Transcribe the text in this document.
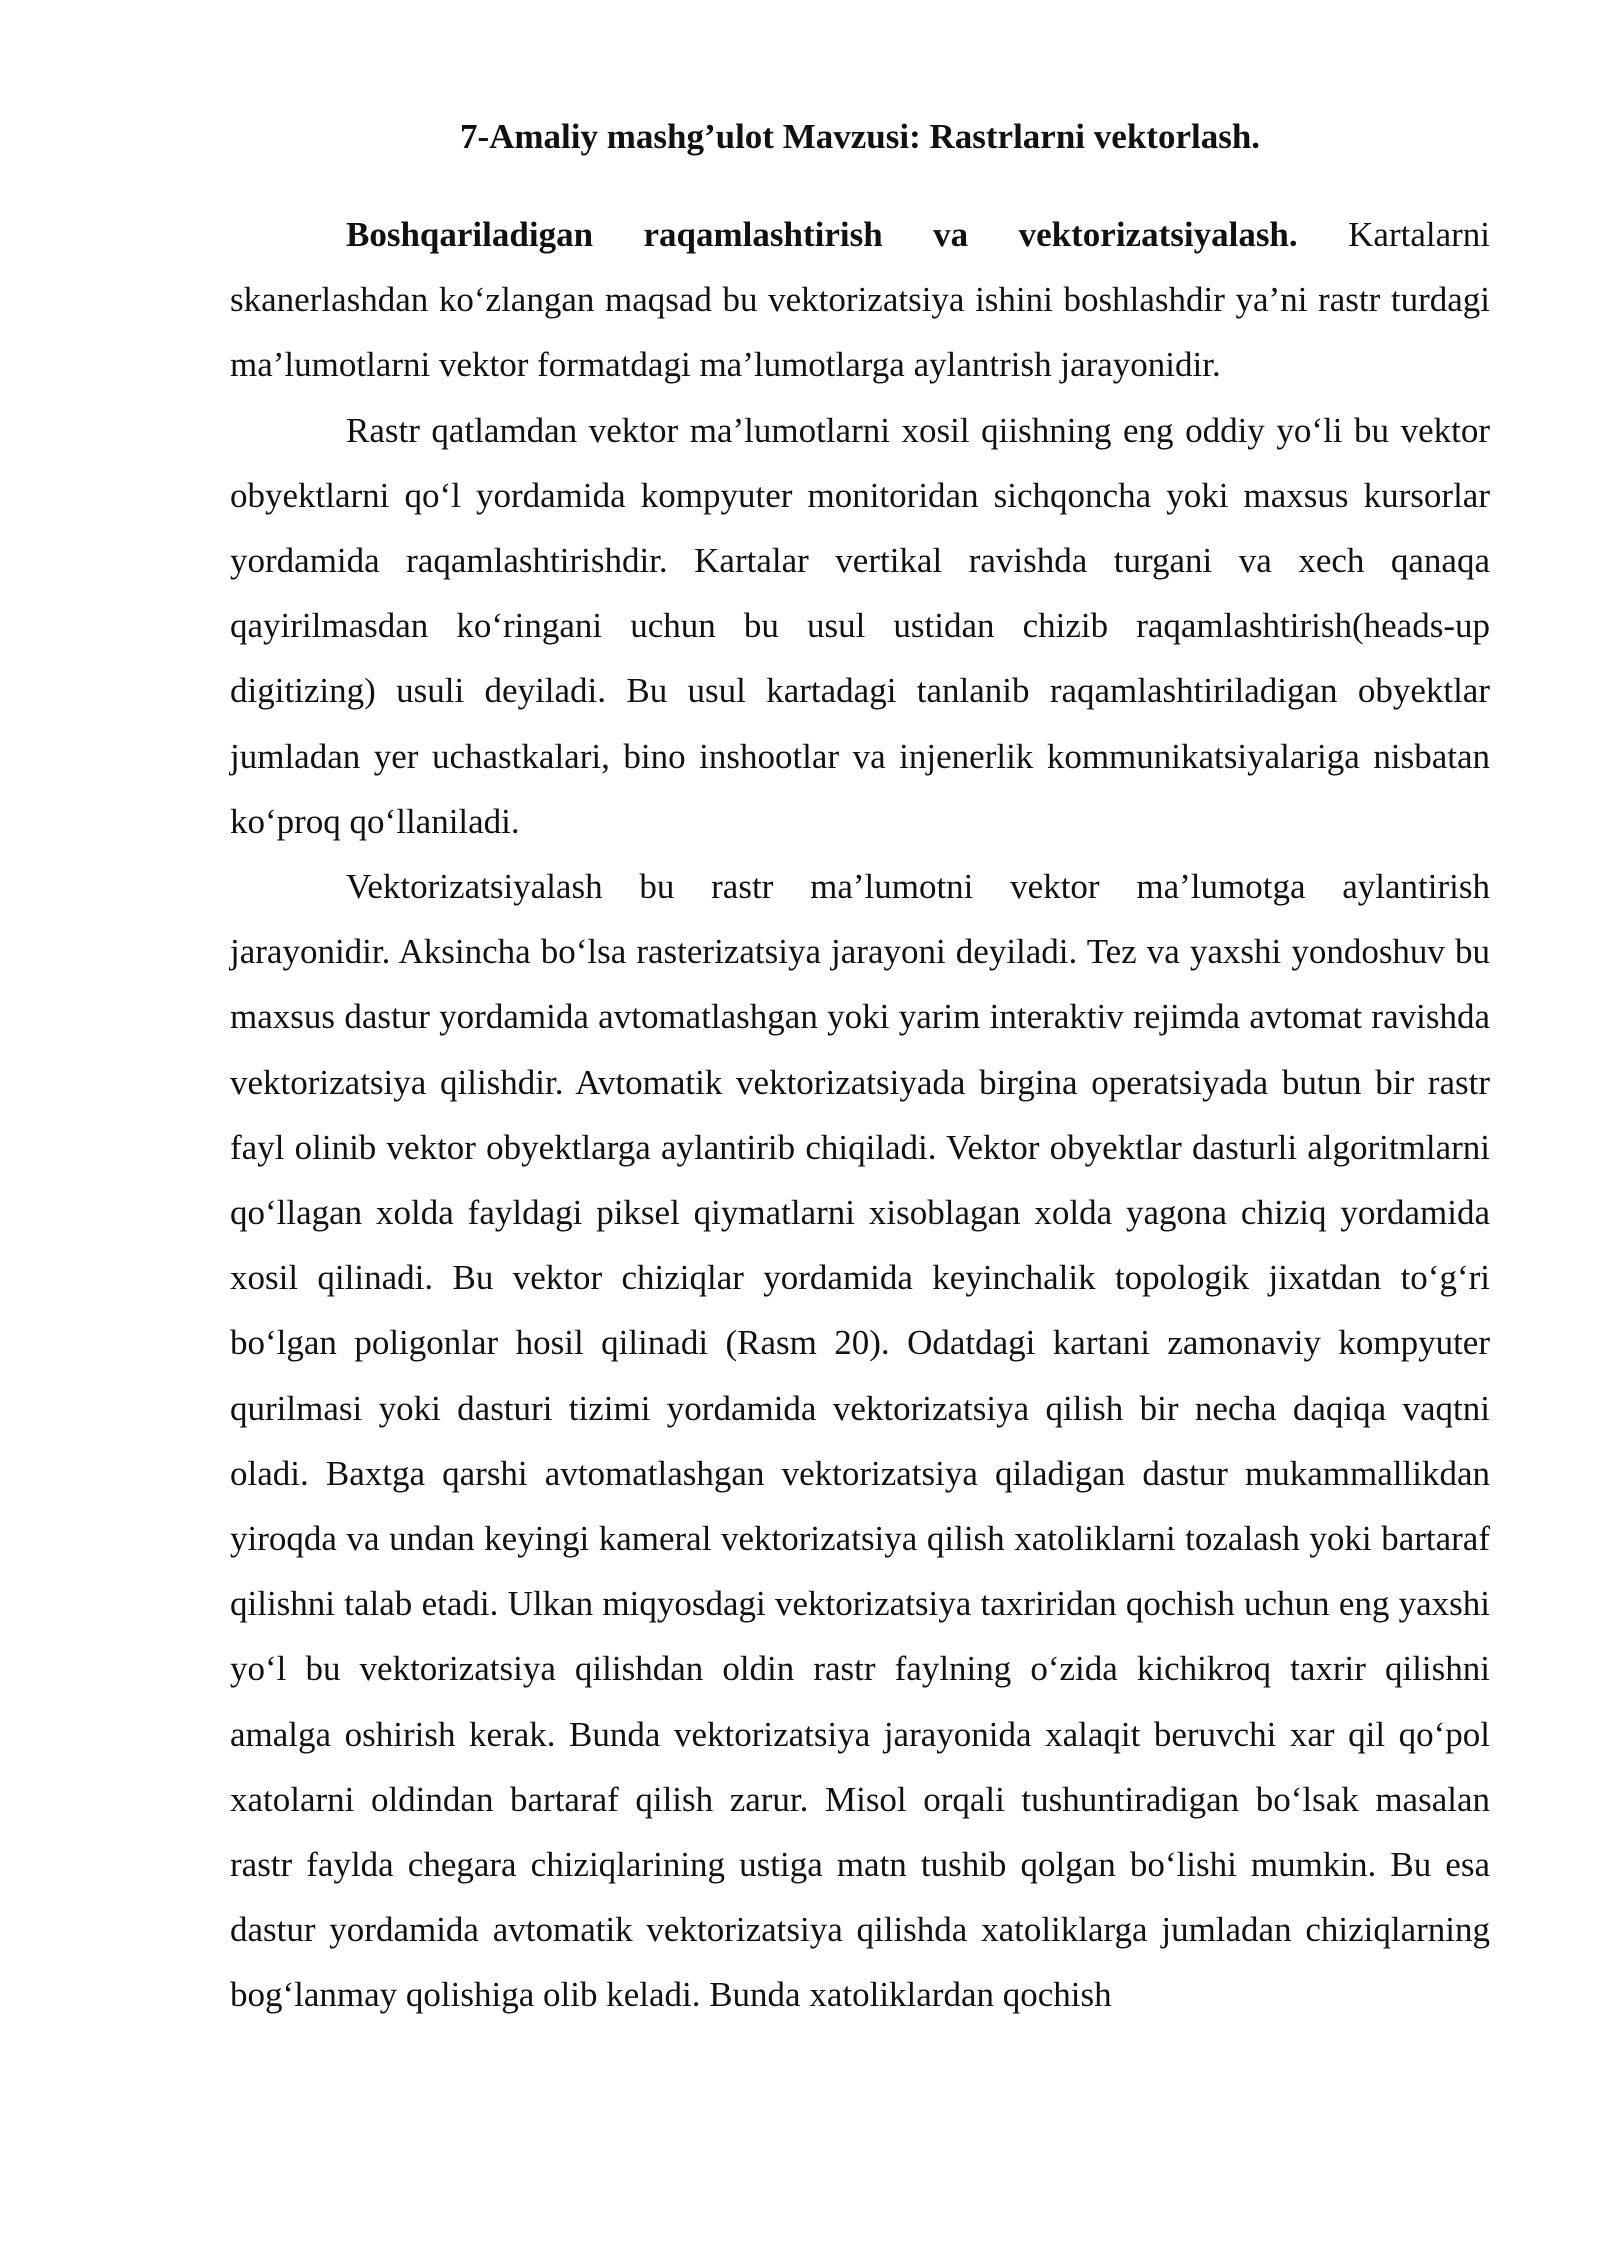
7-Amaliy mashg’ulot Mavzusi: Rastrlarni vektorlash.

Boshqariladigan raqamlashtirish va vektorizatsiyalash. Kartalarni skanerlashdan koʻzlangan maqsad bu vektorizatsiya ishini boshlashdir ya’ni rastr turdagi ma’lumotlarni vektor formatdagi ma’lumotlarga aylantrish jarayonidir.

Rastr qatlamdan vektor ma’lumotlarni xosil qiishning eng oddiy yoʻli bu vektor obyektlarni qoʻl yordamida kompyuter monitoridan sichqoncha yoki maxsus kursorlar yordamida raqamlashtirishdir. Kartalar vertikal ravishda turgani va xech qanaqa qayirilmasdan koʻringani uchun bu usul ustidan chizib raqamlashtirish(heads-up digitizing) usuli deyiladi. Bu usul kartadagi tanlanib raqamlashtiriladigan obyektlar jumladan yer uchastkalari, bino inshootlar va injenerlik kommunikatsiyalariga nisbatan koʻproq qoʻllaniladi.

Vektorizatsiyalash bu rastr ma’lumotni vektor ma’lumotga aylantirish jarayonidir. Aksincha boʻlsa rasterizatsiya jarayoni deyiladi. Tez va yaxshi yondoshuv bu maxsus dastur yordamida avtomatlashgan yoki yarim interaktiv rejimda avtomat ravishda vektorizatsiya qilishdir. Avtomatik vektorizatsiyada birgina operatsiyada butun bir rastr fayl olinib vektor obyektlarga aylantirib chiqiladi. Vektor obyektlar dasturli algoritmlarni qoʻllagan xolda fayldagi piksel qiymatlarni xisoblagan xolda yagona chiziq yordamida xosil qilinadi. Bu vektor chiziqlar yordamida keyinchalik topologik jixatdan toʻgʻri boʻlgan poligonlar hosil qilinadi (Rasm 20). Odatdagi kartani zamonaviy kompyuter qurilmasi yoki dasturi tizimi yordamida vektorizatsiya qilish bir necha daqiqa vaqtni oladi. Baxtga qarshi avtomatlashgan vektorizatsiya qiladigan dastur mukammallikdan yiroqda va undan keyingi kameral vektorizatsiya qilish xatoliklarni tozalash yoki bartaraf qilishni talab etadi. Ulkan miqyosdagi vektorizatsiya taxriridan qochish uchun eng yaxshi yoʻl bu vektorizatsiya qilishdan oldin rastr faylning oʻzida kichikroq taxrir qilishni amalga oshirish kerak. Bunda vektorizatsiya jarayonida xalaqit beruvchi xar qil qoʻpol xatolarni oldindan bartaraf qilish zarur. Misol orqali tushuntiradigan boʻlsak masalan rastr faylda chegara chiziqlarining ustiga matn tushib qolgan boʻlishi mumkin. Bu esa dastur yordamida avtomatik vektorizatsiya qilishda xatoliklarga jumladan chiziqlarning bogʻlanmay qolishiga olib keladi. Bunda xatoliklardan qochish
